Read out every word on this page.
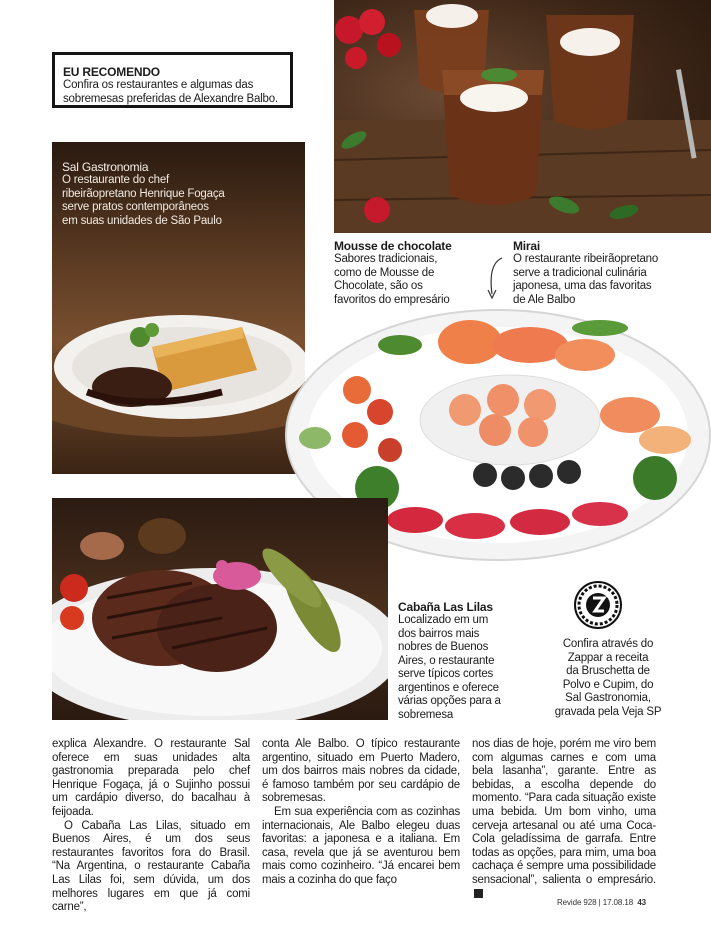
EU RECOMENDO
Confira os restaurantes e algumas das sobremesas preferidas de Alexandre Balbo.
Sal Gastronomia
O restaurante do chef
ribeirãopretano Henrique Fogaça
serve pratos contemporâneos
em suas unidades de São Paulo
Mousse de chocolate
Sabores tradicionais,
como de Mousse de
Chocolate, são os
favoritos do empresário
Mirai
O restaurante ribeirãopretano
serve a tradicional culinária
japonesa, uma das favoritas
de Ale Balbo
Cabaña Las Lilas
Localizado em um
dos bairros mais
nobres de Buenos
Aires, o restaurante
serve típicos cortes
argentinos e oferece
várias opções para a
sobremesa
Confira através do
Zappar a receita
da Bruschetta de
Polvo e Cupim, do
Sal Gastronomia,
gravada pela Veja SP

explica Alexandre. O restaurante Sal oferece em suas unidades alta gastronomia preparada pelo chef Henrique Fogaça, já o Sujinho possui um cardápio diverso, do bacalhau à feijoada.

O Cabaña Las Lilas, situado em Buenos Aires, é um dos seus restaurantes favoritos fora do Brasil. “Na Argentina, o restaurante Cabaña Las Lilas foi, sem dúvida, um dos melhores lugares em que já comi carne”,

conta Ale Balbo. O típico restaurante argentino, situado em Puerto Madero, um dos bairros mais nobres da cidade, é famoso também por seu cardápio de sobremesas.

Em sua experiência com as cozinhas internacionais, Ale Balbo elegeu duas favoritas: a japonesa e a italiana. Em casa, revela que já se aventurou bem mais como cozinheiro. “Já encarei bem mais a cozinha do que faço

nos dias de hoje, porém me viro bem com algumas carnes e com uma bela lasanha”, garante. Entre as bebidas, a escolha depende do momento. “Para cada situação existe uma bebida. Um bom vinho, uma cerveja artesanal ou até uma Coca-Cola geladíssima de garrafa. Entre todas as opções, para mim, uma boa cachaça é sempre uma possibilidade sensacional”, salienta o empresário.

Revide 928 | 17.08.18 43
